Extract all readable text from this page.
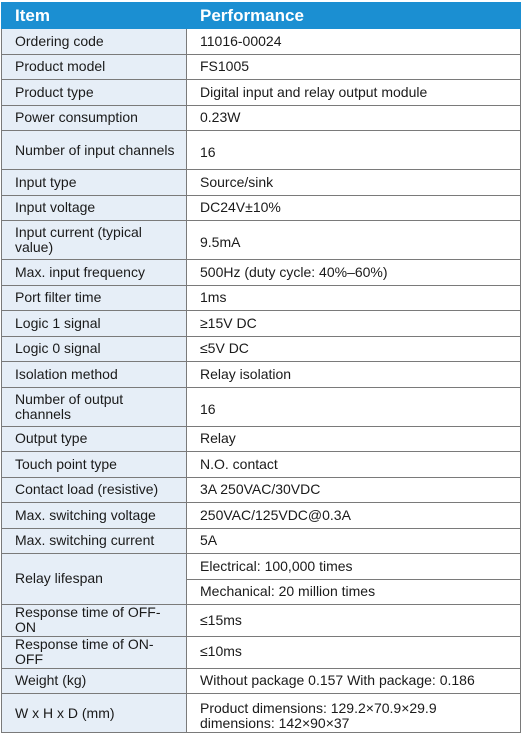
Item	Performance
Ordering code	11016-00024
Product model	FS1005
Product type	Digital input and relay output module
Power consumption	0.23W
Number of input channels	16
Input type	Source/sink
Input voltage	DC24V±10%
Input current (typical value)	9.5mA
Max. input frequency	500Hz (duty cycle: 40%–60%)
Port filter time	1ms
Logic 1 signal	≥15V DC
Logic 0 signal	≤5V DC
Isolation method	Relay isolation
Number of output channels	16
Output type	Relay
Touch point type	N.O. contact
Contact load (resistive)	3A 250VAC/30VDC
Max. switching voltage	250VAC/125VDC@0.3A
Max. switching current	5A
Relay lifespan	Electrical: 100,000 times
	Mechanical: 20 million times
Response time of OFF-ON	≤15ms
Response time of ON-OFF	≤10ms
Weight (kg)	Without package 0.157 With package: 0.186
W x H x D (mm)	Product dimensions: 129.2×70.9×29.9 dimensions: 142×90×37
